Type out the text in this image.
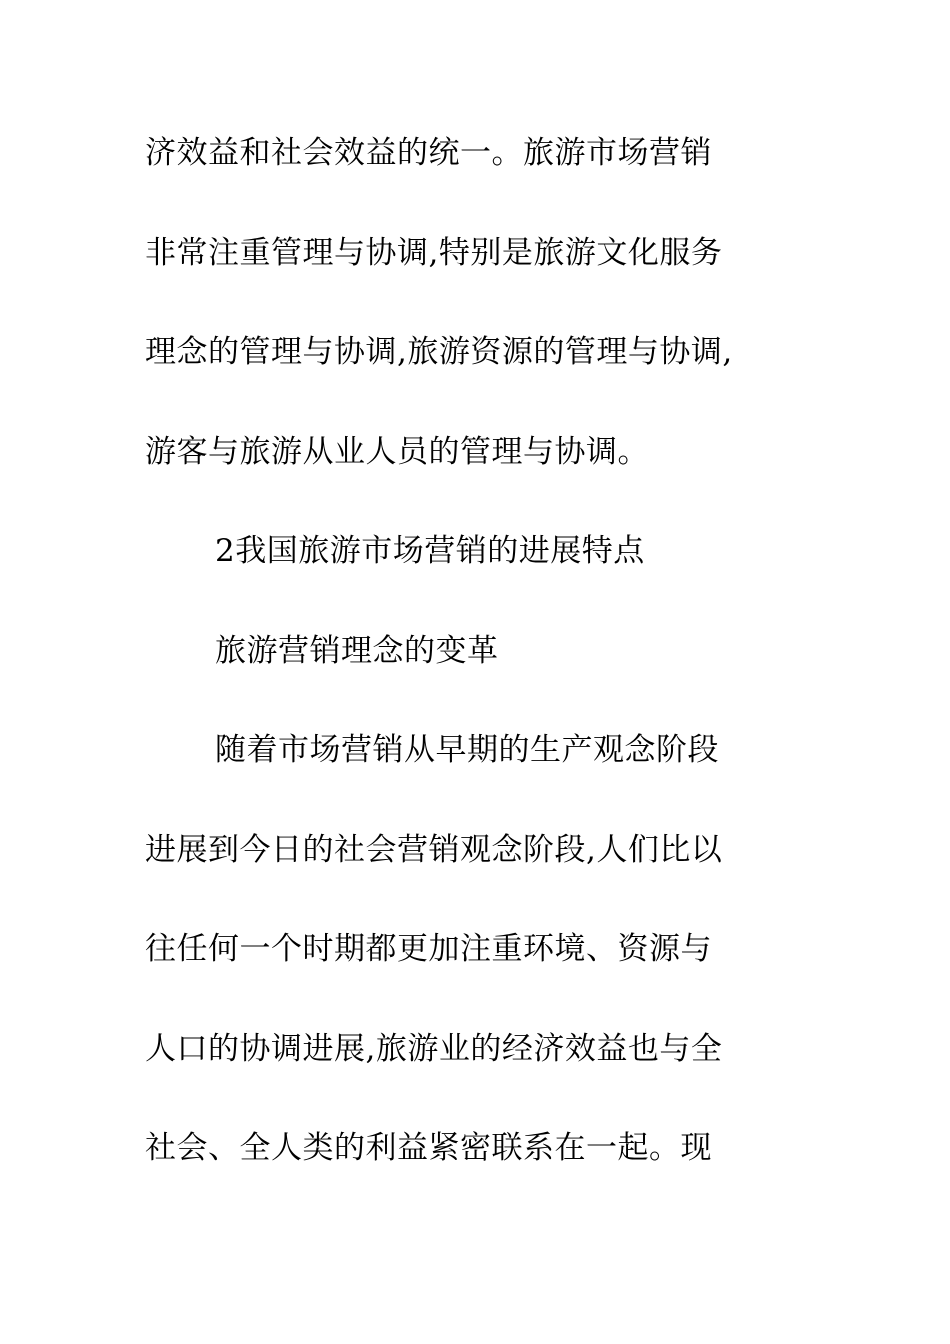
济效益和社会效益的统一。旅游市场营销
非常注重管理与协调,特别是旅游文化服务
理念的管理与协调,旅游资源的管理与协调,
游客与旅游从业人员的管理与协调。
2我国旅游市场营销的进展特点
旅游营销理念的变革
随着市场营销从早期的生产观念阶段
进展到今日的社会营销观念阶段,人们比以
往任何一个时期都更加注重环境、资源与
人口的协调进展,旅游业的经济效益也与全
社会、全人类的利益紧密联系在一起。现
